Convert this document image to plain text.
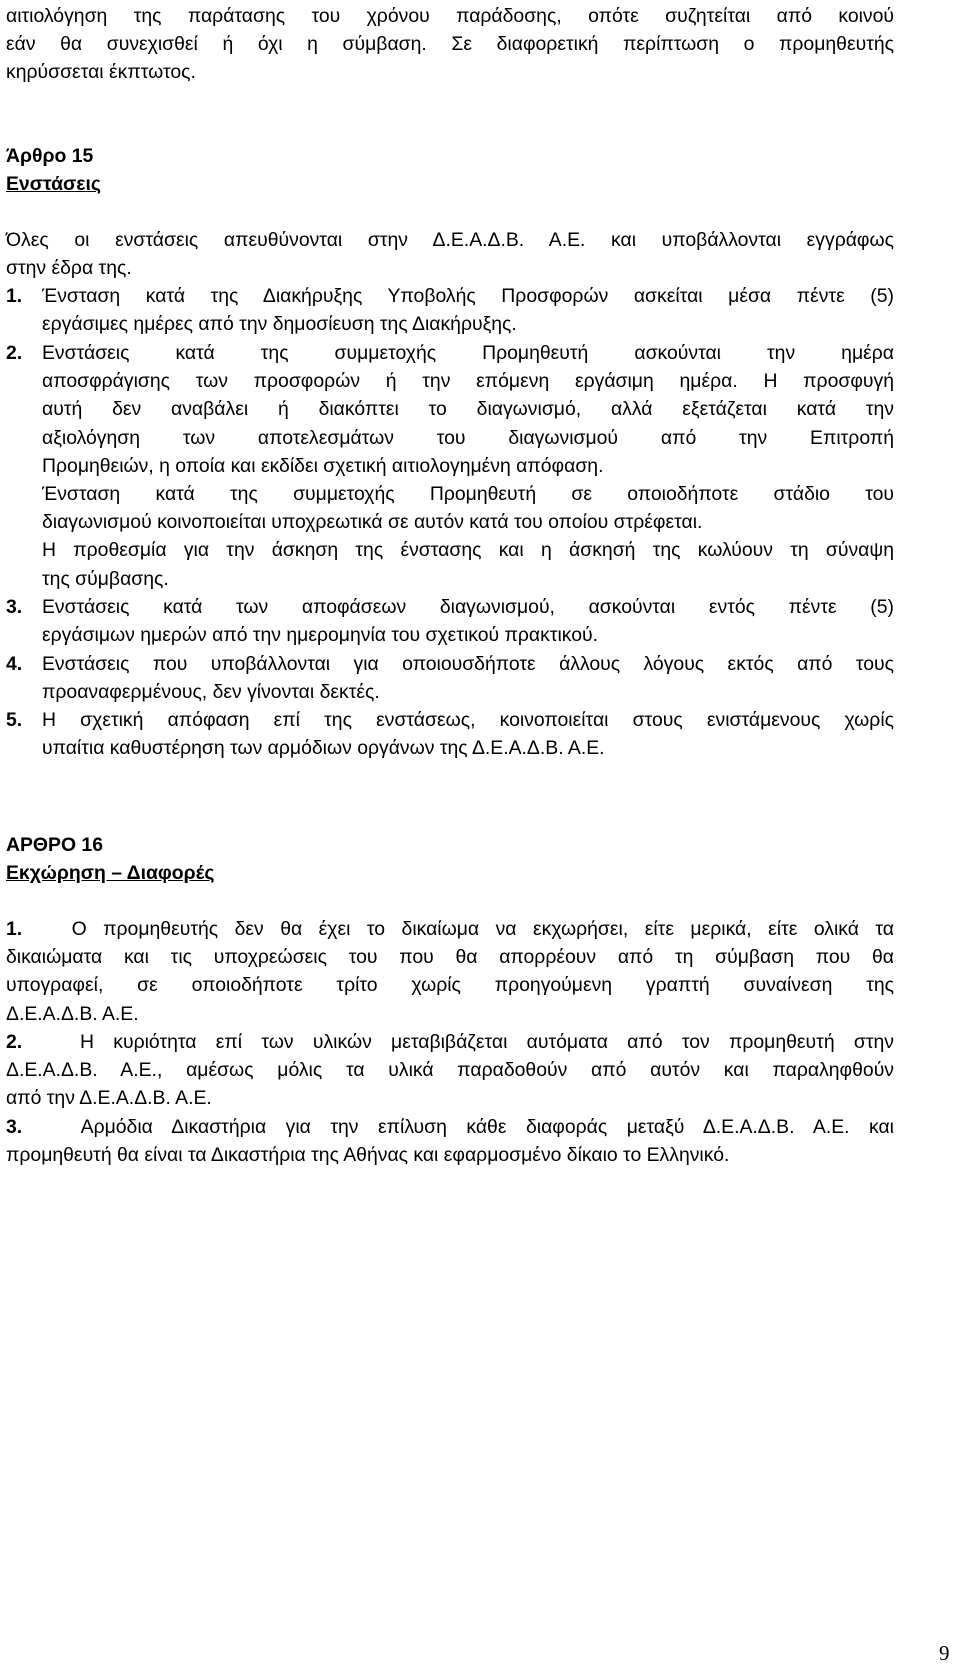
αιτιολόγηση της παράτασης του χρόνου παράδοσης, οπότε συζητείται από κοινού
εάν θα συνεχισθεί ή όχι η σύμβαση. Σε διαφορετική περίπτωση ο προμηθευτής
κηρύσσεται έκπτωτος.
Άρθρο 15
Ενστάσεις
Όλες οι ενστάσεις απευθύνονται στην Δ.Ε.Α.Δ.Β. Α.Ε. και υποβάλλονται εγγράφως
στην έδρα της.
1. Ένσταση κατά της Διακήρυξης Υποβολής Προσφορών ασκείται μέσα πέντε (5)
εργάσιμες ημέρες από την δημοσίευση της Διακήρυξης.
2. Ενστάσεις κατά της συμμετοχής Προμηθευτή ασκούνται την ημέρα
αποσφράγισης των προσφορών ή την επόμενη εργάσιμη ημέρα. Η προσφυγή
αυτή δεν αναβάλει ή διακόπτει το διαγωνισμό, αλλά εξετάζεται κατά την
αξιολόγηση των αποτελεσμάτων του διαγωνισμού από την Επιτροπή
Προμηθειών, η οποία και εκδίδει σχετική αιτιολογημένη απόφαση.
Ένσταση κατά της συμμετοχής Προμηθευτή σε οποιοδήποτε στάδιο του
διαγωνισμού κοινοποιείται υποχρεωτικά σε αυτόν κατά του οποίου στρέφεται.
Η προθεσμία για την άσκηση της ένστασης και η άσκησή της κωλύουν τη σύναψη
της σύμβασης.
3. Ενστάσεις κατά των αποφάσεων διαγωνισμού, ασκούνται εντός πέντε (5)
εργάσιμων ημερών από την ημερομηνία του σχετικού πρακτικού.
4. Ενστάσεις που υποβάλλονται για οποιουσδήποτε άλλους λόγους εκτός από τους
προαναφερμένους, δεν γίνονται δεκτές.
5. Η σχετική απόφαση επί της ενστάσεως, κοινοποιείται στους ενιστάμενους χωρίς
υπαίτια καθυστέρηση των αρμόδιων οργάνων της Δ.Ε.Α.Δ.Β. Α.Ε.
ΑΡΘΡΟ 16
Εκχώρηση – Διαφορές
1.	Ο προμηθευτής δεν θα έχει το δικαίωμα να εκχωρήσει, είτε μερικά, είτε ολικά τα
δικαιώματα και τις υποχρεώσεις του που θα απορρέουν από τη σύμβαση που θα
υπογραφεί, σε οποιοδήποτε τρίτο χωρίς προηγούμενη γραπτή συναίνεση της
Δ.Ε.Α.Δ.Β. Α.Ε.
2.	Η κυριότητα επί των υλικών μεταβιβάζεται αυτόματα από τον προμηθευτή στην
Δ.Ε.Α.Δ.Β. Α.Ε., αμέσως μόλις τα υλικά παραδοθούν από αυτόν και παραληφθούν
από την Δ.Ε.Α.Δ.Β. Α.Ε.
3.	Αρμόδια Δικαστήρια για την επίλυση κάθε διαφοράς μεταξύ Δ.Ε.Α.Δ.Β. Α.Ε. και
προμηθευτή θα είναι τα Δικαστήρια της Αθήνας και εφαρμοσμένο δίκαιο το Ελληνικό.
9
